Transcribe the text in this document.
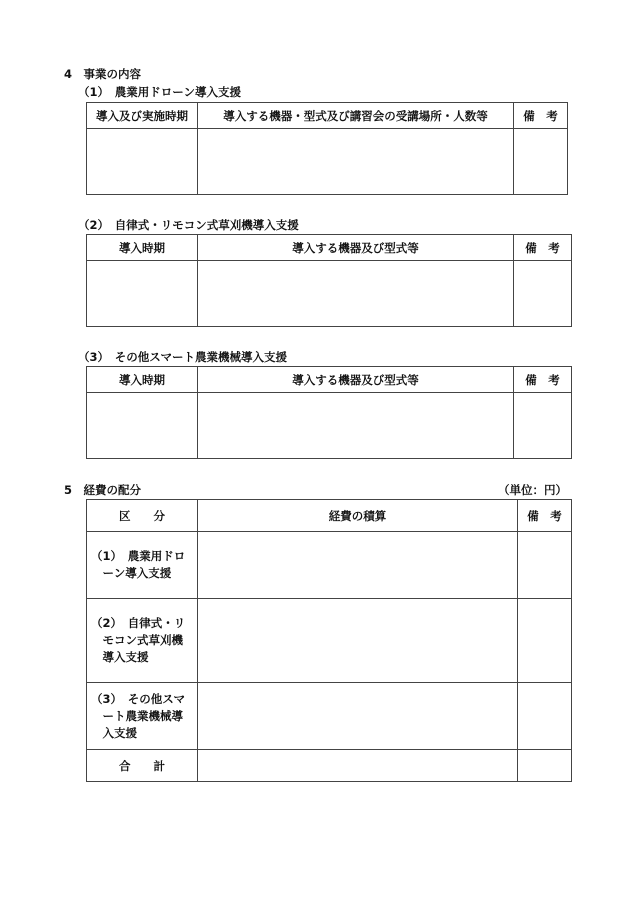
4　事業の内容
（1）　農業用ドローン導入支援
導入及び実施時期	導入する機器・型式及び講習会の受講場所・人数等	備　考

（2）　自律式・リモコン式草刈機導入支援
導入時期	導入する機器及び型式等	備　考

（3）　その他スマート農業機械導入支援
導入時期	導入する機器及び型式等	備　考

5　経費の配分	（単位：円）
区　　分	経費の積算	備　考
（1）　農業用ドロ
　ーン導入支援		
（2）　自律式・リ
　モコン式草刈機
　導入支援		
（3）　その他スマ
　ート農業機械導
　入支援		
合　　計		
